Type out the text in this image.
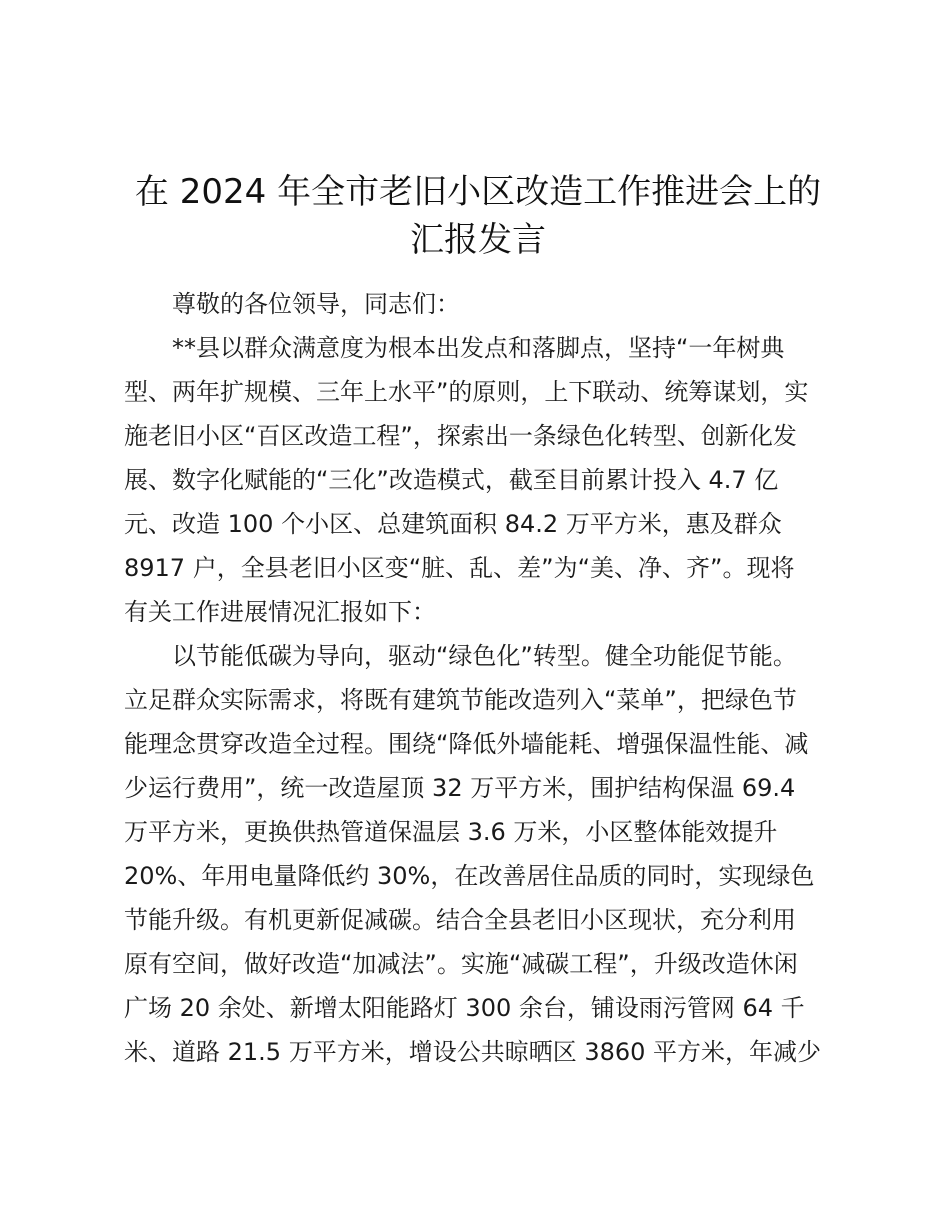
在 2024 年全市老旧小区改造工作推进会上的
汇报发言
尊敬的各位领导，同志们：
**县以群众满意度为根本出发点和落脚点，坚持“一年树典
型、两年扩规模、三年上水平”的原则，上下联动、统筹谋划，实
施老旧小区“百区改造工程”，探索出一条绿色化转型、创新化发
展、数字化赋能的“三化”改造模式，截至目前累计投入 4.7 亿
元、改造 100 个小区、总建筑面积 84.2 万平方米，惠及群众
8917 户，全县老旧小区变“脏、乱、差”为“美、净、齐”。现将
有关工作进展情况汇报如下：
以节能低碳为导向，驱动“绿色化”转型。健全功能促节能。
立足群众实际需求，将既有建筑节能改造列入“菜单”，把绿色节
能理念贯穿改造全过程。围绕“降低外墙能耗、增强保温性能、减
少运行费用”，统一改造屋顶 32 万平方米，围护结构保温 69.4
万平方米，更换供热管道保温层 3.6 万米，小区整体能效提升
20%、年用电量降低约 30%，在改善居住品质的同时，实现绿色
节能升级。有机更新促减碳。结合全县老旧小区现状，充分利用
原有空间，做好改造“加减法”。实施“减碳工程”，升级改造休闲
广场 20 余处、新增太阳能路灯 300 余台，铺设雨污管网 64 千
米、道路 21.5 万平方米，增设公共晾晒区 3860 平方米，年减少
